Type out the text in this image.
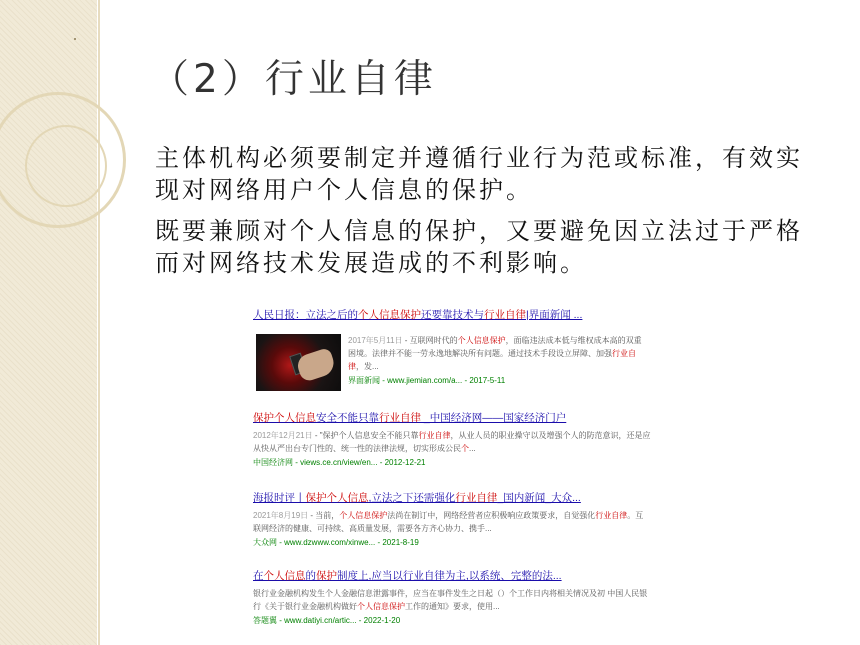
（2）行业自律
主体机构必须要制定并遵循行业行为范或标准，有效实现对网络用户个人信息的保护。
既要兼顾对个人信息的保护，又要避免因立法过于严格而对网络技术发展造成的不利影响。
人民日报：立法之后的个人信息保护还要靠技术与行业自律|界面新闻 ...
2017年5月11日 - 互联网时代的个人信息保护，面临违法成本低与维权成本高的双重困境。法律并不能一劳永逸地解决所有问题。通过技术手段设立屏障、加强行业自律，发...
界面新闻 - www.jiemian.com/a... - 2017-5-11
保护个人信息安全不能只靠行业自律 _中国经济网——国家经济门户
2012年12月21日 - "保护个人信息安全不能只靠行业自律，从业人员的职业操守以及增强个人的防范意识，还是应从快从严出台专门性的、统一性的法律法规，切实形成公民个...
中国经济网 - views.ce.cn/view/en... - 2012-12-21
海报时评丨保护个人信息,立法之下还需强化行业自律_国内新闻_大众...
2021年8月19日 - 当前，个人信息保护法尚在制订中，网络经营者应积极响应政策要求，自觉强化行业自律。互联网经济的健康、可持续、高质量发展，需要各方齐心协力、携手...
大众网 - www.dzwww.com/xinwe... - 2021-8-19
在个人信息的保护制度上,应当以行业自律为主,以系统、完整的法...
银行业金融机构发生个人金融信息泄露事件，应当在事件发生之日起（）个工作日内将相关情况及初 中国人民银行《关于银行业金融机构做好个人信息保护工作的通知》要求，使用...
答题翼 - www.datiyi.cn/artic... - 2022-1-20
